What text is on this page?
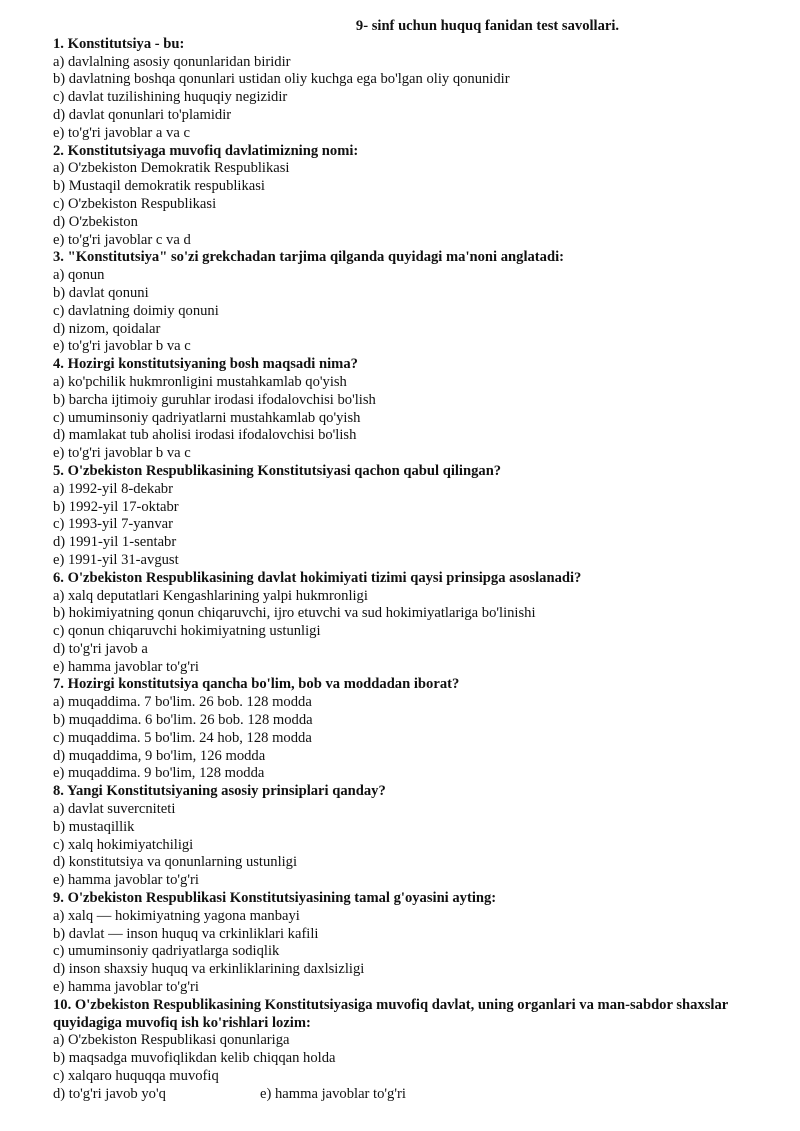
9- sinf uchun huquq fanidan test savollari.
1. Konstitutsiya - bu:
a) davlalning asosiy qonunlaridan biridir
b) davlatning boshqa qonunlari ustidan oliy kuchga ega bo'lgan oliy qonunidir
c) davlat tuzilishining huquqiy negizidir
d) davlat qonunlari to'plamidir
e) to'g'ri javoblar a va c
2. Konstitutsiyaga muvofiq davlatimizning nomi:
a) O'zbekiston Demokratik Respublikasi
b) Mustaqil demokratik respublikasi
c) O'zbekiston Respublikasi
d) O'zbekiston
e) to'g'ri javoblar c va d
3. "Konstitutsiya" so'zi grekchadan tarjima qilganda quyidagi ma'noni anglatadi:
a) qonun
b) davlat qonuni
c) davlatning doimiy qonuni
d) nizom, qoidalar
e) to'g'ri javoblar b va c
4. Hozirgi konstitutsiyaning bosh maqsadi nima?
a) ko'pchilik hukmronligini mustahkamlab qo'yish
b) barcha ijtimoiy guruhlar irodasi ifodalovchisi bo'lish
c) umuminsoniy qadriyatlarni mustahkamlab qo'yish
d) mamlakat tub aholisi irodasi ifodalovchisi bo'lish
e) to'g'ri javoblar b va c
5. O'zbekiston Respublikasining Konstitutsiyasi qachon qabul qilingan?
a) 1992-yil 8-dekabr
b) 1992-yil 17-oktabr
c) 1993-yil 7-yanvar
d) 1991-yil 1-sentabr
e) 1991-yil 31-avgust
6. O'zbekiston Respublikasining davlat hokimiyati tizimi qaysi prinsipga asoslanadi?
a) xalq deputatlari Kengashlarining yalpi hukmronligi
b) hokimiyatning qonun chiqaruvchi, ijro etuvchi va sud hokimiyatlariga bo'linishi
c) qonun chiqaruvchi hokimiyatning ustunligi
d) to'g'ri javob a
e) hamma javoblar to'g'ri
7. Hozirgi konstitutsiya qancha bo'lim, bob va moddadan iborat?
a) muqaddima. 7 bo'lim. 26 bob. 128 modda
b) muqaddima. 6 bo'lim. 26 bob. 128 modda
c) muqaddima. 5 bo'lim. 24 hob, 128 modda
d) muqaddima, 9 bo'lim, 126 modda
e) muqaddima. 9 bo'lim, 128 modda
8. Yangi Konstitutsiyaning asosiy prinsiplari qanday?
a) davlat suvercniteti
b) mustaqillik
c) xalq hokimiyatchiligi
d) konstitutsiya va qonunlarning ustunligi
e) hamma javoblar to'g'ri
9. O'zbekiston Respublikasi Konstitutsiyasining tamal g'oyasini ayting:
a) xalq — hokimiyatning yagona manbayi
b) davlat — inson huquq va crkinliklari kafili
c) umuminsoniy qadriyatlarga sodiqlik
d) inson shaxsiy huquq va erkinliklarining daxlsizligi
e) hamma javoblar to'g'ri
10. O'zbekiston Respublikasining Konstitutsiyasiga muvofiq davlat, uning organlari va man-sabdor shaxslar
quyidagiga muvofiq ish ko'rishlari lozim:
a) O'zbekiston Respublikasi qonunlariga
b) maqsadga muvofiqlikdan kelib chiqqan holda
c) xalqaro huquqqa muvofiq
d) to'g'ri javob yo'q	e) hamma javoblar to'g'ri
